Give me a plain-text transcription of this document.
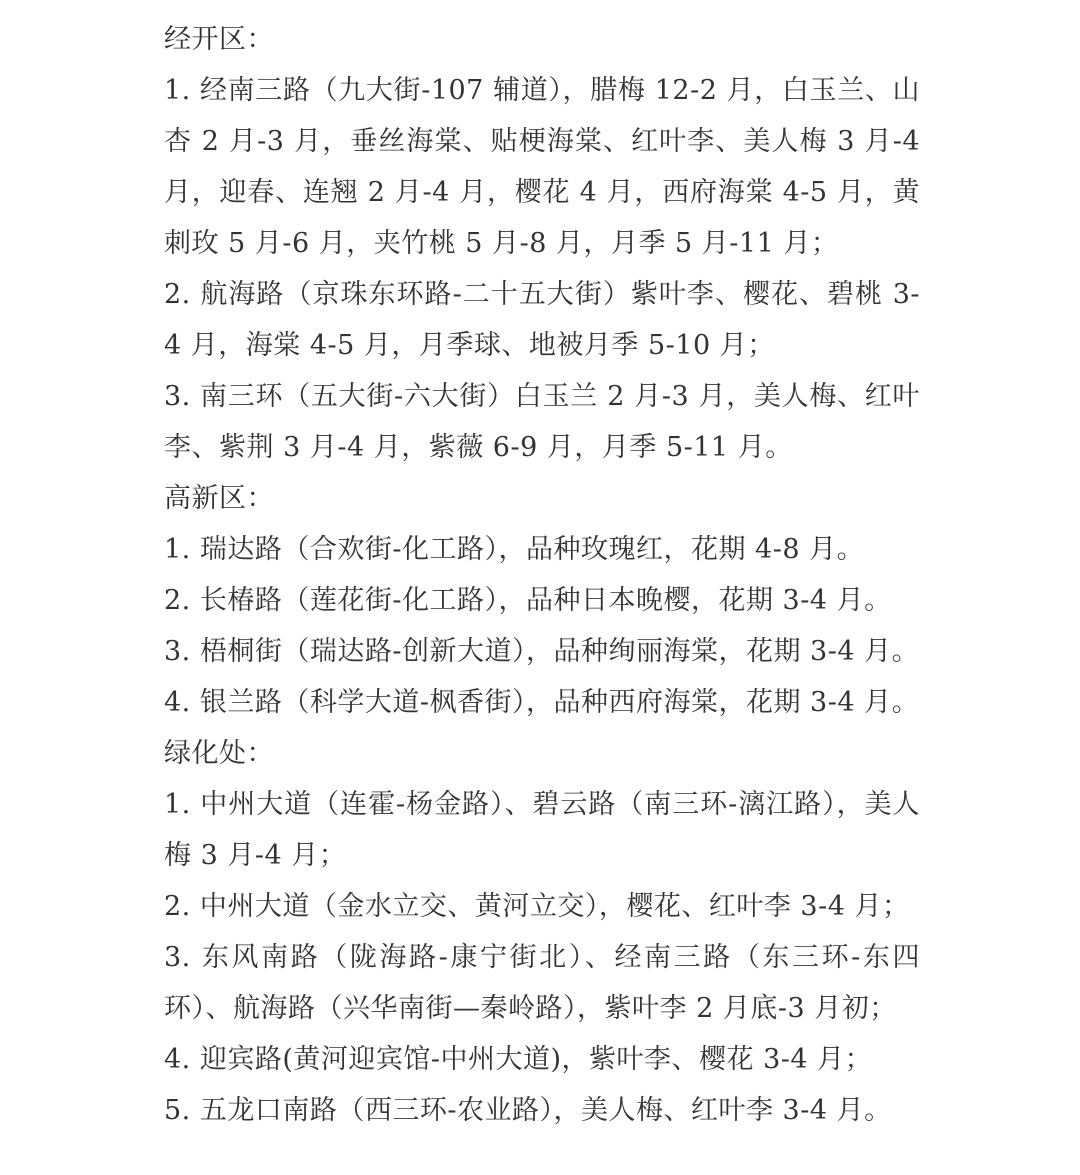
经开区：

1. 经南三路（九大街-107 辅道），腊梅 12-2 月，白玉兰、山杏 2 月-3 月，垂丝海棠、贴梗海棠、红叶李、美人梅 3 月-4 月，迎春、连翘 2 月-4 月，樱花 4 月，西府海棠 4-5 月，黄刺玫 5 月-6 月，夹竹桃 5 月-8 月，月季 5 月-11 月；

2. 航海路（京珠东环路-二十五大街）紫叶李、樱花、碧桃 3-4 月，海棠 4-5 月，月季球、地被月季 5-10 月；

3. 南三环（五大街-六大街）白玉兰 2 月-3 月，美人梅、红叶李、紫荆 3 月-4 月，紫薇 6-9 月，月季 5-11 月。

高新区：

1. 瑞达路（合欢街-化工路），品种玫瑰红，花期 4-8 月。

2. 长椿路（莲花街-化工路），品种日本晚樱，花期 3-4 月。

3. 梧桐街（瑞达路-创新大道），品种绚丽海棠，花期 3-4 月。

4. 银兰路（科学大道-枫香街），品种西府海棠，花期 3-4 月。

绿化处：

1. 中州大道（连霍-杨金路）、碧云路（南三环-漓江路），美人梅 3 月-4 月；

2. 中州大道（金水立交、黄河立交），樱花、红叶李 3-4 月；

3. 东风南路（陇海路-康宁街北）、经南三路（东三环-东四环）、航海路（兴华南街—秦岭路），紫叶李 2 月底-3 月初；

4. 迎宾路(黄河迎宾馆-中州大道)，紫叶李、樱花 3-4 月；

5. 五龙口南路（西三环-农业路），美人梅、红叶李 3-4 月。
